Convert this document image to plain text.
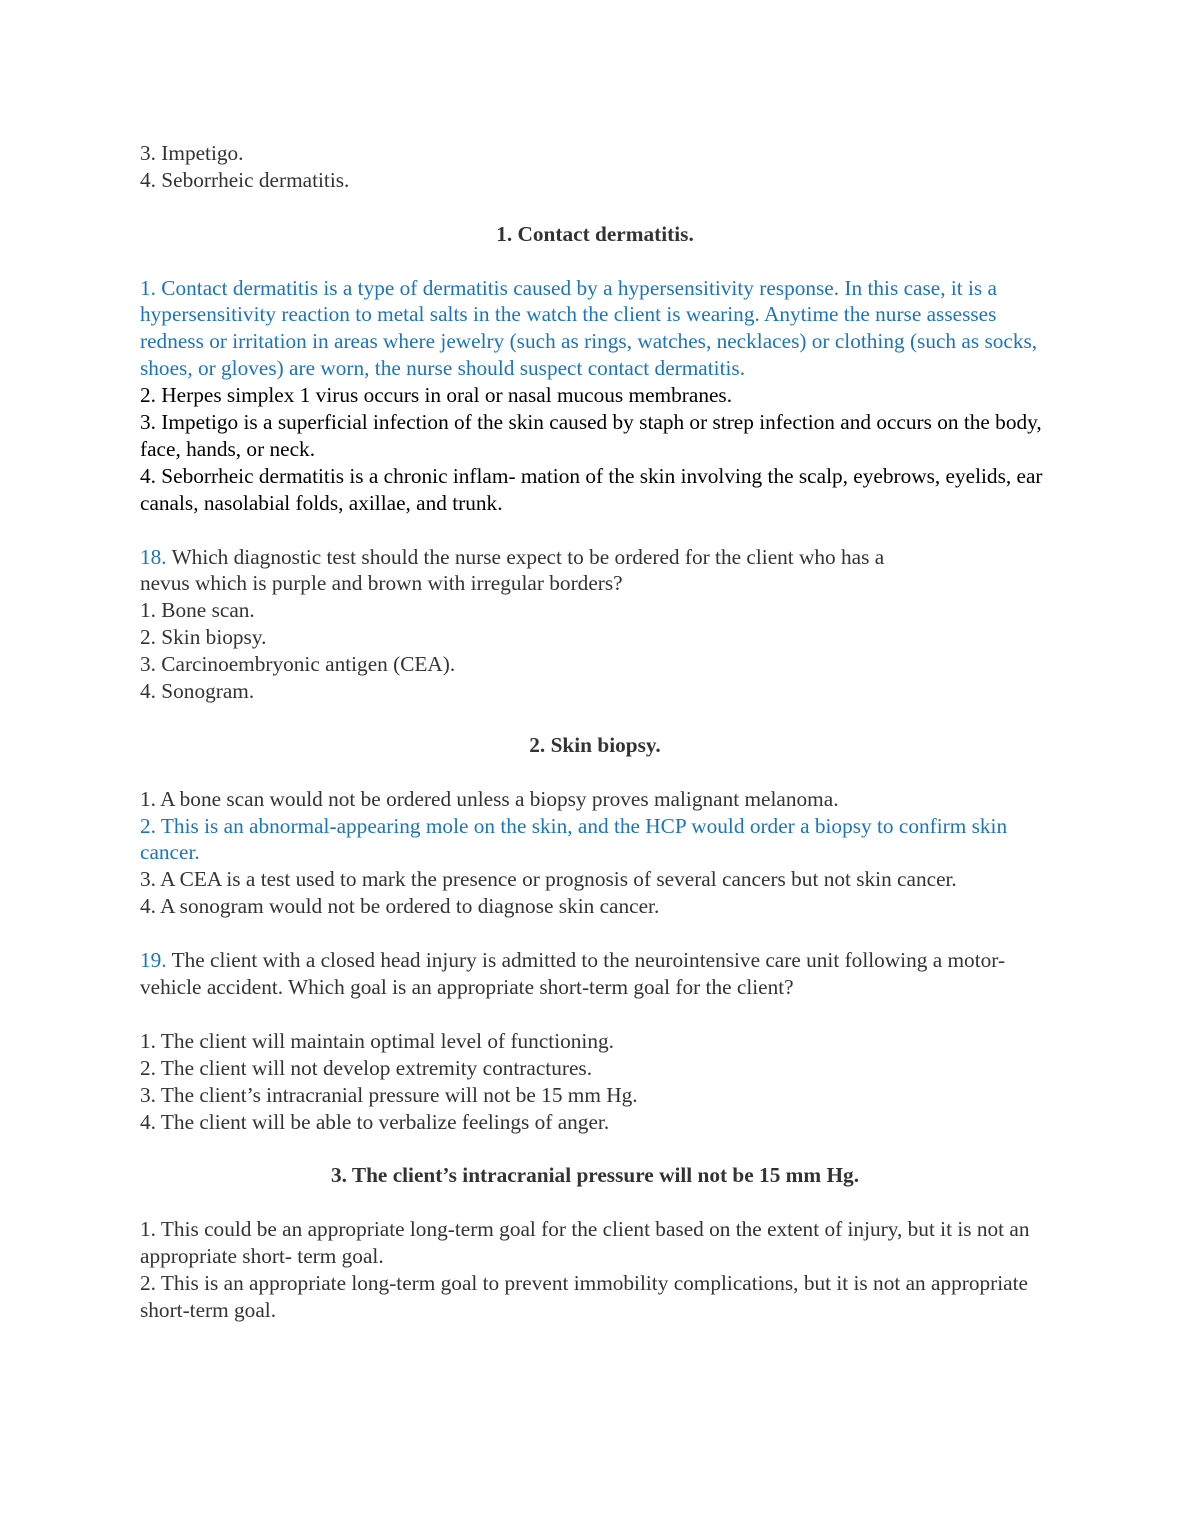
3. Impetigo.
4. Seborrheic dermatitis.
1. Contact dermatitis.

1. Contact dermatitis is a type of dermatitis caused by a hypersensitivity response. In this case, it is a hypersensitivity reaction to metal salts in the watch the client is wearing. Anytime the nurse assesses redness or irritation in areas where jewelry (such as rings, watches, necklaces) or clothing (such as socks, shoes, or gloves) are worn, the nurse should suspect contact dermatitis.

2. Herpes simplex 1 virus occurs in oral or nasal mucous membranes.

3. Impetigo is a superficial infection of the skin caused by staph or strep infection and occurs on the body, face, hands, or neck.

4. Seborrheic dermatitis is a chronic inflam- mation of the skin involving the scalp, eyebrows, eyelids, ear canals, nasolabial folds, axillae, and trunk.

18. Which diagnostic test should the nurse expect to be ordered for the client who has a
nevus which is purple and brown with irregular borders?

1. Bone scan.
2. Skin biopsy.
3. Carcinoembryonic antigen (CEA).
4. Sonogram.
2. Skin biopsy.

1. A bone scan would not be ordered unless a biopsy proves malignant melanoma.

2. This is an abnormal-appearing mole on the skin, and the HCP would order a biopsy to confirm skin cancer.

3. A CEA is a test used to mark the presence or prognosis of several cancers but not skin cancer.

4. A sonogram would not be ordered to diagnose skin cancer.

19. The client with a closed head injury is admitted to the neurointensive care unit following a motor-vehicle accident. Which goal is an appropriate short-term goal for the client?

1. The client will maintain optimal level of functioning.
2. The client will not develop extremity contractures.
3. The client’s intracranial pressure will not be 15 mm Hg.
4. The client will be able to verbalize feelings of anger.
3. The client’s intracranial pressure will not be 15 mm Hg.

1. This could be an appropriate long-term goal for the client based on the extent of injury, but it is not an appropriate short- term goal.

2. This is an appropriate long-term goal to prevent immobility complications, but it is not an appropriate short-term goal.
